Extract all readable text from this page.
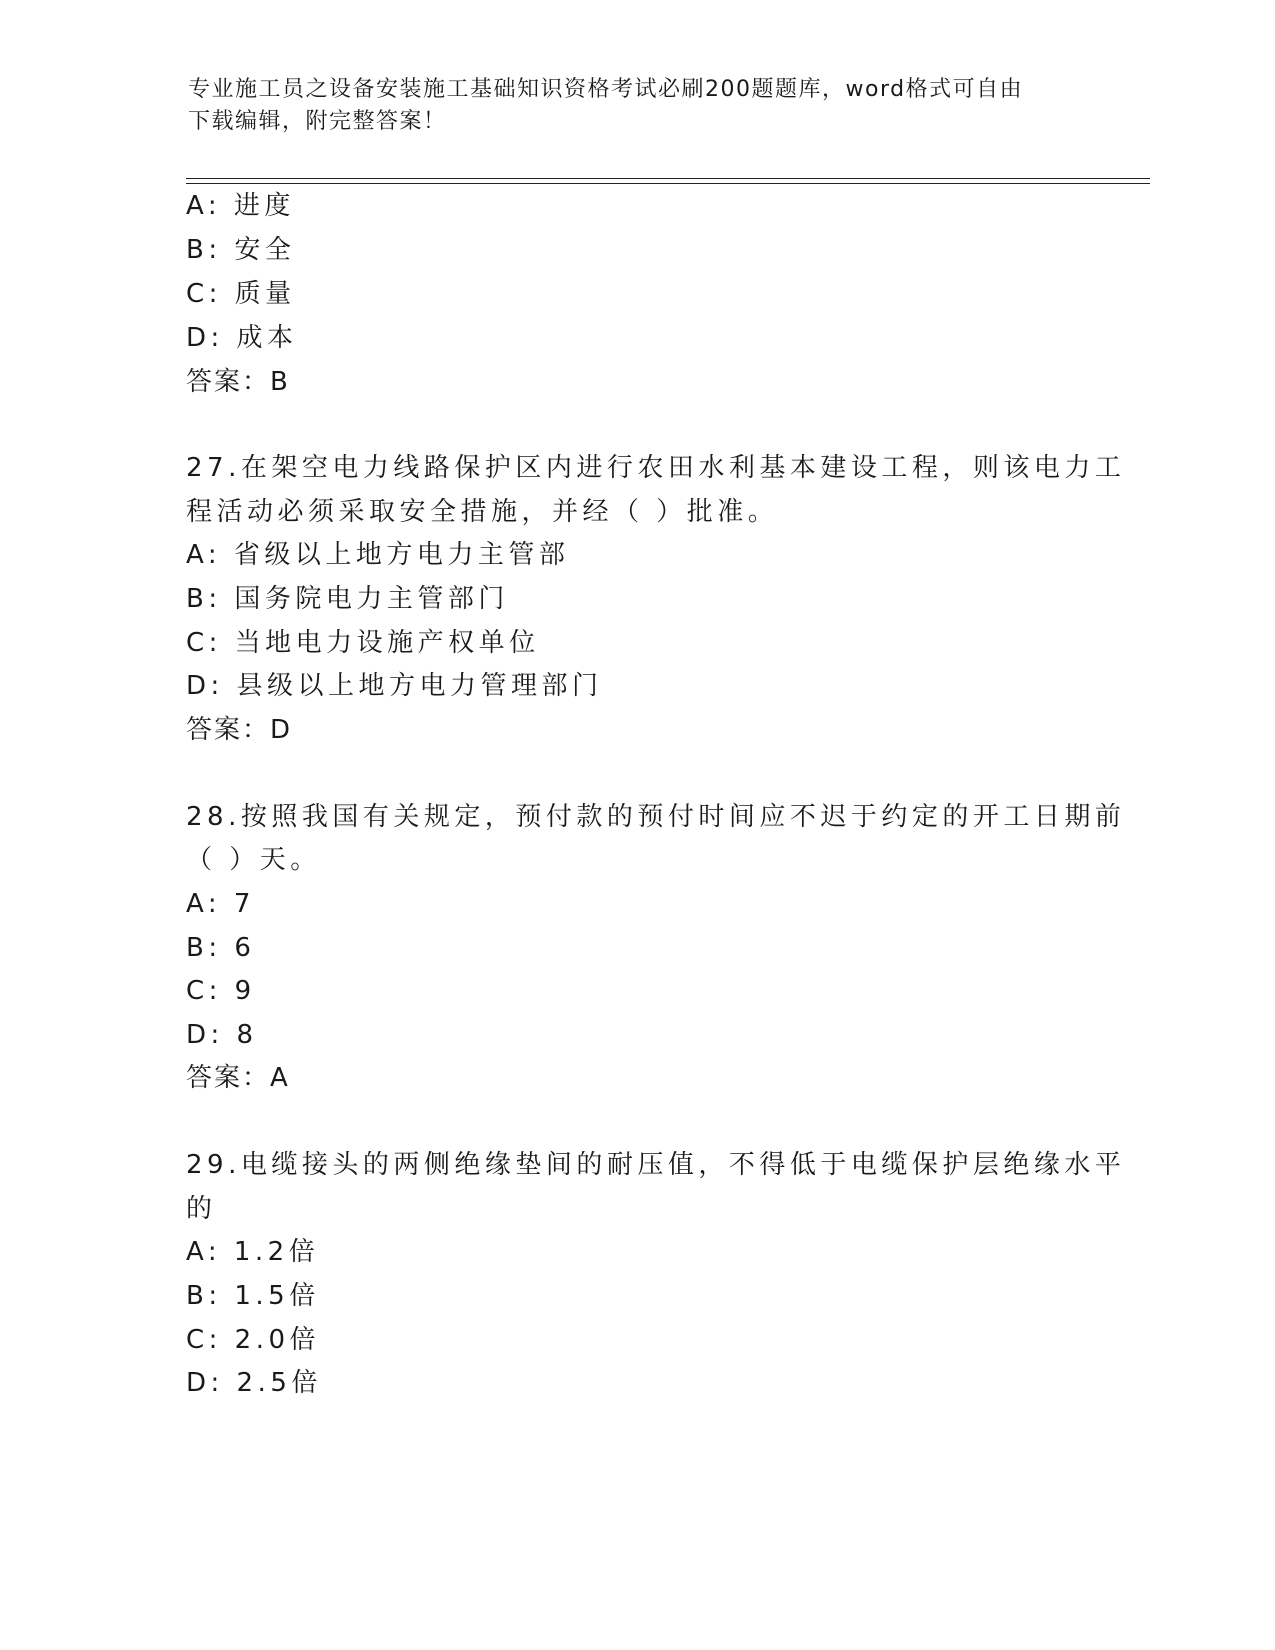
专业施工员之设备安装施工基础知识资格考试必刷200题题库，word格式可自由
下载编辑，附完整答案！
A: 进度
B: 安全
C: 质量
D: 成本
答案：B
27.在架空电力线路保护区内进行农田水利基本建设工程，则该电力工
程活动必须采取安全措施，并经（ ）批准。
A: 省级以上地方电力主管部
B: 国务院电力主管部门
C: 当地电力设施产权单位
D: 县级以上地方电力管理部门
答案：D
28.按照我国有关规定，预付款的预付时间应不迟于约定的开工日期前
（ ）天。
A: 7
B: 6
C: 9
D: 8
答案：A
29.电缆接头的两侧绝缘垫间的耐压值，不得低于电缆保护层绝缘水平
的
A: 1.2倍
B: 1.5倍
C: 2.0倍
D: 2.5倍
